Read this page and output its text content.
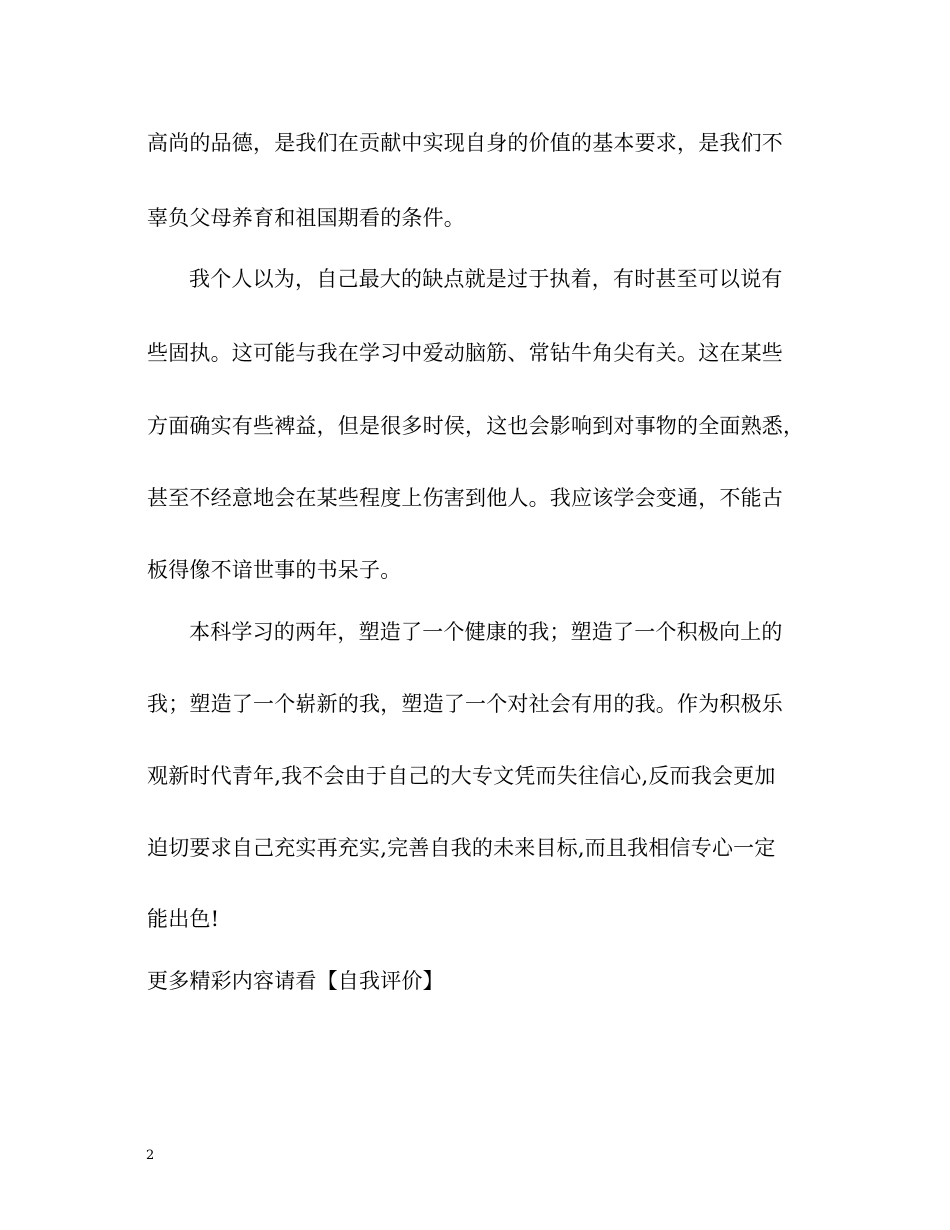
高尚的品德，是我们在贡献中实现自身的价值的基本要求，是我们不
辜负父母养育和祖国期看的条件。
我个人以为，自己最大的缺点就是过于执着，有时甚至可以说有
些固执。这可能与我在学习中爱动脑筋、常钻牛角尖有关。这在某些
方面确实有些裨益，但是很多时侯，这也会影响到对事物的全面熟悉，
甚至不经意地会在某些程度上伤害到他人。我应该学会变通，不能古
板得像不谙世事的书呆子。
本科学习的两年，塑造了一个健康的我；塑造了一个积极向上的
我；塑造了一个崭新的我，塑造了一个对社会有用的我。作为积极乐
观新时代青年,我不会由于自己的大专文凭而失往信心,反而我会更加
迫切要求自己充实再充实,完善自我的未来目标,而且我相信专心一定
能出色!
更多精彩内容请看【自我评价】
2
